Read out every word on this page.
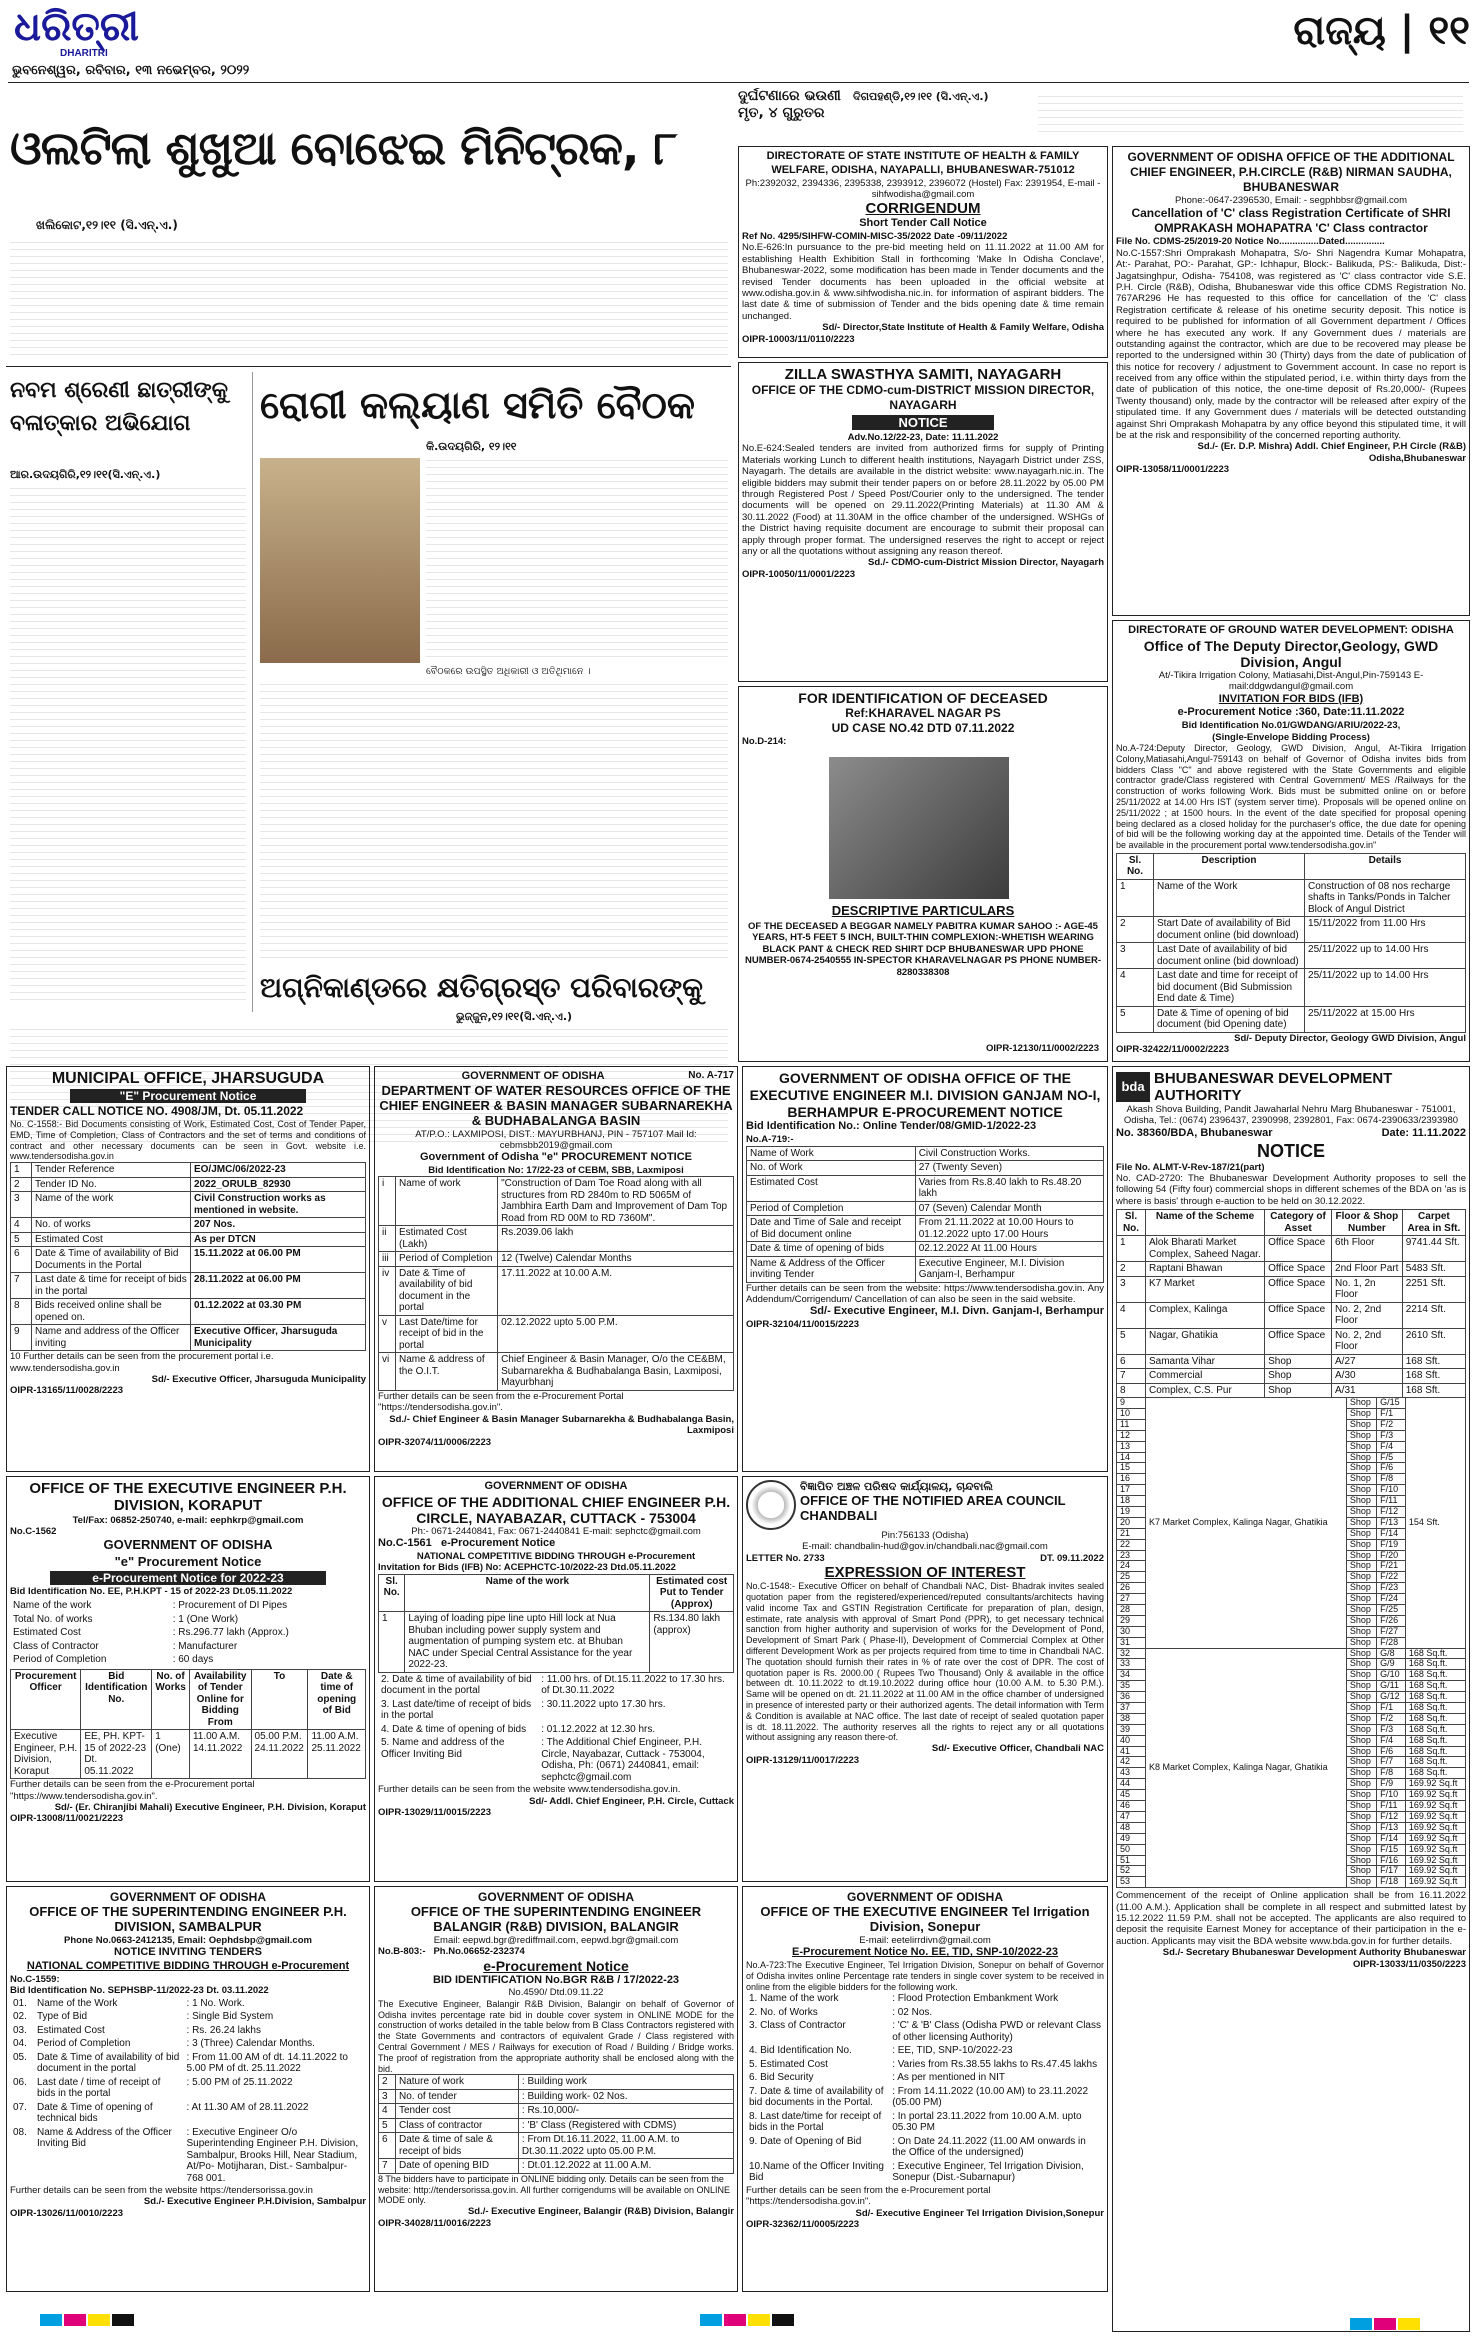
ଧରିତ୍ରୀ
DHARITRI
ଭୁବନେଶ୍ୱର, ରବିବାର, ୧୩ ନଭେମ୍ବର, ୨୦୨୨
ରାଜ୍ୟ | ୧୧
ଓଲଟିଲା ଶୁଖୁଆ ବୋଝେଇ ମିନିଟ୍ରକ, ୮
ଖଲିକୋଟ,୧୨।୧୧ (ସି.ଏନ୍.ଏ.)
ନବମ ଶ୍ରେଣୀ ଛାତ୍ରୀଙ୍କୁ ବଳାତ୍କାର ଅଭିଯୋଗ
ଆର.ଉଦୟଗିରି,୧୨।୧୧(ସି.ଏନ୍.ଏ.)
ରୋଗୀ କଲ୍ୟାଣ ସମିତି ବୈଠକ
କି.ଉଦୟଗିରି, ୧୨।୧୧
ବୈଠକରେ ଉପସ୍ଥିତ ଅଧିକାରୀ ଓ ଅତିଥିମାନେ ।
ଅଗ୍ନିକାଣ୍ଡରେ କ୍ଷତିଗ୍ରସ୍ତ ପରିବାରଙ୍କୁ
ଭୁଜ୍ଜୁନ,୧୨।୧୧(ସି.ଏନ୍.ଏ.)
ଦୁର୍ଘଟଣାରେ ଭଉଣୀ ମୃତ, ୪ ଗୁରୁତର
ଦିଗପହଣ୍ଡି,୧୨।୧୧ (ସି.ଏନ୍.ଏ.)
DIRECTORATE OF STATE INSTITUTE OF HEALTH & FAMILY WELFARE, ODISHA, NAYAPALLI, BHUBANESWAR-751012
Ph:2392032, 2394336, 2395338, 2393912, 2396072 (Hostel) Fax: 2391954, E-mail -sihfwodisha@gmail.com
CORRIGENDUM
Short Tender Call Notice
Ref No. 4295/SIHFW-COMIN-MISC-35/2022 Date -09/11/2022
No.E-626:In pursuance to the pre-bid meeting held on 11.11.2022 at 11.00 AM for establishing Health Exhibition Stall in forthcoming 'Make In Odisha Conclave', Bhubaneswar-2022, some modification has been made in Tender documents and the revised Tender documents has been uploaded in the official website at www.odisha.gov.in & www.sihfwodisha.nic.in. for information of aspirant bidders. The last date & time of submission of Tender and the bids opening date & time remain unchanged.
Sd/- Director,State Institute of Health & Family Welfare, Odisha
OIPR-10003/11/0110/2223
GOVERNMENT OF ODISHA OFFICE OF THE ADDITIONAL CHIEF ENGINEER, P.H.CIRCLE (R&B) NIRMAN SAUDHA, BHUBANESWAR
Phone:-0647-2396530, Email: - segphbbsr@gmail.com
Cancellation of 'C' class Registration Certificate of SHRI OMPRAKASH MOHAPATRA 'C' Class contractor
File No. CDMS-25/2019-20 Notice No...............Dated...............
No.C-1557:Shri Omprakash Mohapatra, S/o- Shri Nagendra Kumar Mohapatra, At:- Parahat, PO:- Parahat, GP:- Ichhapur, Block:- Balikuda, PS:- Balikuda, Dist:- Jagatsinghpur, Odisha- 754108, was registered as 'C' class contractor vide S.E. P.H. Circle (R&B), Odisha, Bhubaneswar vide this office CDMS Registration No. 767AR296 He has requested to this office for cancellation of the 'C' class Registration certificate & release of his onetime security deposit. This notice is required to be published for information of all Government department / Offices where he has executed any work. If any Government dues / materials are outstanding against the contractor, which are due to be recovered may please be reported to the undersigned within 30 (Thirty) days from the date of publication of this notice for recovery / adjustment to Government account. In case no report is received from any office within the stipulated period, i.e. within thirty days from the date of publication of this notice, the one-time deposit of Rs.20,000/- (Rupees Twenty thousand) only, made by the contractor will be released after expiry of the stipulated time. If any Government dues / materials will be detected outstanding against Shri Omprakash Mohapatra by any office beyond this stipulated time, it will be at the risk and responsibility of the concerned reporting authority.
Sd./- (Er. D.P. Mishra) Addl. Chief Engineer, P.H Circle (R&B) Odisha,Bhubaneswar
OIPR-13058/11/0001/2223
ZILLA SWASTHYA SAMITI, NAYAGARH
OFFICE OF THE CDMO-cum-DISTRICT MISSION DIRECTOR, NAYAGARH
NOTICE
Adv.No.12/22-23, Date: 11.11.2022
No.E-624:Sealed tenders are invited from authorized firms for supply of Printing Materials working Lunch to different health institutions, Nayagarh District under ZSS, Nayagarh. The details are available in the district website: www.nayagarh.nic.in. The eligible bidders may submit their tender papers on or before 28.11.2022 by 05.00 PM through Registered Post / Speed Post/Courier only to the undersigned. The tender documents will be opened on 29.11.2022(Printing Materials) at 11.30 AM & 30.11.2022 (Food) at 11.30AM in the office chamber of the undersigned. WSHGs of the District having requisite document are encourage to submit their proposal can apply through proper format. The undersigned reserves the right to accept or reject any or all the quotations without assigning any reason thereof.
Sd./- CDMO-cum-District Mission Director, Nayagarh
OIPR-10050/11/0001/2223
FOR IDENTIFICATION OF DECEASED
Ref:KHARAVEL NAGAR PS
UD CASE NO.42 DTD 07.11.2022
No.D-214:
DESCRIPTIVE PARTICULARS
OF THE DECEASED A BEGGAR NAMELY PABITRA KUMAR SAHOO :- AGE-45 YEARS, HT-5 FEET 5 INCH, BUILT-THIN COMPLEXION:-WHETISH WEARING BLACK PANT & CHECK RED SHIRT DCP BHUBANESWAR UPD PHONE NUMBER-0674-2540555 IN-SPECTOR KHARAVELNAGAR PS PHONE NUMBER-8280338308
OIPR-12130/11/0002/2223
DIRECTORATE OF GROUND WATER DEVELOPMENT: ODISHA
Office of The Deputy Director,Geology, GWD Division, Angul
At/-Tikira Irrigation Colony, Matiasahi,Dist-Angul,Pin-759143 E-mail:ddgwdangul@gmail.com
INVITATION FOR BIDS (IFB)
e-Procurement Notice :360, Date:11.11.2022
Bid Identification No.01/GWDANG/ARIU/2022-23,
(Single-Envelope Bidding Process)
No.A-724:Deputy Director, Geology, GWD Division, Angul, At-Tikira Irrigation Colony,Matiasahi,Angul-759143 on behalf of Governor of Odisha invites bids from bidders Class "C" and above registered with the State Governments and eligible contractor grade/Class registered with Central Government/ MES /Railways for the construction of works following Work. Bids must be submitted online on or before 25/11/2022 at 14.00 Hrs IST (system server time). Proposals will be opened online on 25/11/2022 ; at 1500 hours. In the event of the date specified for proposal opening being declared as a closed holiday for the purchaser's office, the due date for opening of bid will be the following working day at the appointed time. Details of the Tender will be available in the procurement portal www.tendersodisha.gov.in"
Sl. No.	Description	Details
1	Name of the Work	Construction of 08 nos recharge shafts in Tanks/Ponds in Talcher Block of Angul District
2	Start Date of availability of Bid document online (bid download)	15/11/2022 from 11.00 Hrs
3	Last Date of availability of bid document online (bid download)	25/11/2022 up to 14.00 Hrs
4	Last date and time for receipt of bid document (Bid Submission End date & Time)	25/11/2022 up to 14.00 Hrs
5	Date & Time of opening of bid document (bid Opening date)	25/11/2022 at 15.00 Hrs
Sd/- Deputy Director, Geology GWD Division, Angul
OIPR-32422/11/0002/2223
MUNICIPAL OFFICE, JHARSUGUDA
"E" Procurement Notice
TENDER CALL NOTICE NO. 4908/JM, Dt. 05.11.2022
No. C-1558:- Bid Documents consisting of Work, Estimated Cost, Cost of Tender Paper, EMD, Time of Completion, Class of Contractors and the set of terms and conditions of contract and other necessary documents can be seen in Govt. website i.e. www.tendersodisha.gov.in
1	Tender Reference	EO/JMC/06/2022-23
2	Tender ID No.	2022_ORULB_82930
3	Name of the work	Civil Construction works as mentioned in website.
4	No. of works	207 Nos.
5	Estimated Cost	As per DTCN
6	Date & Time of availability of Bid Documents in the Portal	15.11.2022 at 06.00 PM
7	Last date & time for receipt of bids in the portal	28.11.2022 at 06.00 PM
8	Bids received online shall be opened on.	01.12.2022 at 03.30 PM
9	Name and address of the Officer inviting	Executive Officer, Jharsuguda Municipality
10 Further details can be seen from the procurement portal i.e. www.tendersodisha.gov.in
Sd/- Executive Officer, Jharsuguda Municipality
OIPR-13165/11/0028/2223
GOVERNMENT OF ODISHA	No. A-717
DEPARTMENT OF WATER RESOURCES OFFICE OF THE CHIEF ENGINEER & BASIN MANAGER SUBARNAREKHA & BUDHABALANGA BASIN
AT/P.O.: LAXMIPOSI, DIST.: MAYURBHANJ, PIN - 757107 Mail Id: cebmsbb2019@gmail.com
Government of Odisha "e" PROCUREMENT NOTICE
Bid Identification No: 17/22-23 of CEBM, SBB, Laxmiposi
i	Name of work	"Construction of Dam Toe Road along with all structures from RD 2840m to RD 5065M of Jambhira Earth Dam and Improvement of Dam Top Road from RD 00M to RD 7360M".
ii	Estimated Cost (Lakh)	Rs.2039.06 lakh
iii	Period of Completion	12 (Twelve) Calendar Months
iv	Date & Time of availability of bid document in the portal	17.11.2022 at 10.00 A.M.
v	Last Date/time for receipt of bid in the portal	02.12.2022 upto 5.00 P.M.
vi	Name & address of the O.I.T.	Chief Engineer & Basin Manager, O/o the CE&BM, Subarnarekha & Budhabalanga Basin, Laxmiposi, Mayurbhanj
Further details can be seen from the e-Procurement Portal "https://tendersodisha.gov.in".
Sd./- Chief Engineer & Basin Manager Subarnarekha & Budhabalanga Basin, Laxmiposi
OIPR-32074/11/0006/2223
GOVERNMENT OF ODISHA OFFICE OF THE EXECUTIVE ENGINEER M.I. DIVISION GANJAM NO-I, BERHAMPUR E-PROCUREMENT NOTICE
Bid Identification No.: Online Tender/08/GMID-1/2022-23
No.A-719:-
Name of Work	Civil Construction Works.
No. of Work	27 (Twenty Seven)
Estimated Cost	Varies from Rs.8.40 lakh to Rs.48.20 lakh
Period of Completion	07 (Seven) Calendar Month
Date and Time of Sale and receipt of Bid document online	From 21.11.2022 at 10.00 Hours to 01.12.2022 upto 17.00 Hours
Date & time of opening of bids	02.12.2022 At 11.00 Hours
Name & Address of the Officer inviting Tender	Executive Engineer, M.I. Division Ganjam-I, Berhampur
Further details can be seen from the website: https://www.tendersodisha.gov.in. Any Addendum/Corrigendum/ Cancellation of can also be seen in the said website.
Sd/- Executive Engineer, M.I. Divn. Ganjam-I, Berhampur
OIPR-32104/11/0015/2223
bda BHUBANESWAR DEVELOPMENT AUTHORITY
Akash Shova Building, Pandit Jawaharlal Nehru Marg Bhubaneswar - 751001, Odisha, Tel.: (0674) 2396437, 2390998, 2392801, Fax: 0674-2390633/2393980
No. 38360/BDA, Bhubaneswar	Date: 11.11.2022
NOTICE
File No. ALMT-V-Rev-187/21(part)
No. CAD-2720: The Bhubaneswar Development Authority proposes to sell the following 54 (Fifty four) commercial shops in different schemes of the BDA on 'as is where is basis' through e-auction to be held on 30.12.2022.
Sl. No.	Name of the Scheme	Category of Asset	Floor & Shop Number	Carpet Area in Sft.
1	Alok Bharati Market Complex, Saheed Nagar.	Office Space	6th Floor	9741.44 Sft.
2	Raptani Bhawan	Office Space	2nd Floor Part	5483 Sft.
3	K7 Market	Office Space	No. 1, 2n Floor	2251 Sft.
4	Complex, Kalinga	Office Space	No. 2, 2nd Floor	2214 Sft.
5	Nagar, Ghatikia	Office Space	No. 2, 2nd Floor	2610 Sft.
6	Samanta Vihar	Shop	A/27	168 Sft.
7	Commercial	Shop	A/30	168 Sft.
8	Complex, C.S. Pur	Shop	A/31	168 Sft.
9	K7 Market Complex, Kalinga Nagar, Ghatikia	Shop	G/15	154 Sft.
10		Shop	F/1	
11		Shop	F/2	
12		Shop	F/3	
13		Shop	F/4	
14		Shop	F/5	
15		Shop	F/6	
16		Shop	F/8	
17		Shop	F/10	
18		Shop	F/11	
19		Shop	F/12	
20		Shop	F/13	
21		Shop	F/14	
22		Shop	F/19	
23		Shop	F/20	
24		Shop	F/21	
25		Shop	F/22	
26		Shop	F/23	
27		Shop	F/24	
28		Shop	F/25	
29		Shop	F/26	
30		Shop	F/27	
31		Shop	F/28	
32	K8 Market Complex, Kalinga Nagar, Ghatikia	Shop	G/8	168 Sq.ft.
33		Shop	G/9	168 Sq.ft.
34		Shop	G/10	168 Sq.ft.
35		Shop	G/11	168 Sq.ft.
36		Shop	G/12	168 Sq.ft.
37		Shop	F/1	168 Sq.ft.
38		Shop	F/2	168 Sq.ft.
39		Shop	F/3	168 Sq.ft.
40		Shop	F/4	168 Sq.ft.
41		Shop	F/6	168 Sq.ft.
42		Shop	F/7	168 Sq.ft.
43		Shop	F/8	168 Sq.ft.
44		Shop	F/9	169.92 Sq.ft
45		Shop	F/10	169.92 Sq.ft
46		Shop	F/11	169.92 Sq.ft
47		Shop	F/12	169.92 Sq.ft
48		Shop	F/13	169.92 Sq.ft
49		Shop	F/14	169.92 Sq.ft
50		Shop	F/15	169.92 Sq.ft
51		Shop	F/16	169.92 Sq.ft
52		Shop	F/17	169.92 Sq.ft
53		Shop	F/18	169.92 Sq.ft
Commencement of the receipt of Online application shall be from 16.11.2022 (11.00 A.M.). Application shall be complete in all respect and submitted latest by 15.12.2022 11.59 P.M. shall not be accepted. The applicants are also required to deposit the requisite Earnest Money for acceptance of their participation in the e-auction. Applicants may visit the BDA website www.bda.gov.in for further details.
Sd./- Secretary Bhubaneswar Development Authority Bhubaneswar
OIPR-13033/11/0350/2223
OFFICE OF THE EXECUTIVE ENGINEER P.H. DIVISION, KORAPUT
Tel/Fax: 06852-250740, e-mail: eephkrp@gmail.com
No.C-1562
GOVERNMENT OF ODISHA
"e" Procurement Notice
e-Procurement Notice for 2022-23
Bid Identification No. EE, P.H.KPT - 15 of 2022-23 Dt.05.11.2022
Name of the work	: Procurement of DI Pipes
Total No. of works	: 1 (One Work)
Estimated Cost	: Rs.296.77 lakh (Approx.)
Class of Contractor	: Manufacturer
Period of Completion	: 60 days
Procurement Officer	Bid Identification No.	No. of Works	Availability of Tender Online for Bidding From	To	Date & time of opening of Bid
Executive Engineer, P.H. Division, Koraput	EE, PH. KPT-15 of 2022-23 Dt. 05.11.2022	1 (One)	11.00 A.M. 14.11.2022	05.00 P.M. 24.11.2022	11.00 A.M. 25.11.2022
Further details can be seen from the e-Procurement portal "https://www.tendersodisha.gov.in".
Sd/- (Er. Chiranjibi Mahali) Executive Engineer, P.H. Division, Koraput
OIPR-13008/11/0021/2223
GOVERNMENT OF ODISHA
OFFICE OF THE ADDITIONAL CHIEF ENGINEER P.H. CIRCLE, NAYABAZAR, CUTTACK - 753004
Ph:- 0671-2440841, Fax: 0671-2440841 E-mail: sephctc@gmail.com
No.C-1561 e-Procurement Notice
NATIONAL COMPETITIVE BIDDING THROUGH e-Procurement
Invitation for Bids (IFB) No: ACEPHCTC-10/2022-23 Dtd.05.11.2022
Sl. No.	Name of the work	Estimated cost Put to Tender (Approx)
1	Laying of loading pipe line upto Hill lock at Nua Bhuban including power supply system and augmentation of pumping system etc. at Bhuban NAC under Special Central Assistance for the year 2022-23.	Rs.134.80 lakh (approx)
2. Date & time of availability of bid document in the portal	: 11.00 hrs. of Dt.15.11.2022 to 17.30 hrs. of Dt.30.11.2022
3. Last date/time of receipt of bids in the portal	: 30.11.2022 upto 17.30 hrs.
4. Date & time of opening of bids	: 01.12.2022 at 12.30 hrs.
5. Name and address of the Officer Inviting Bid	: The Additional Chief Engineer, P.H. Circle, Nayabazar, Cuttack - 753004, Odisha, Ph: (0671) 2440841, email: sephctc@gmail.com
Further details can be seen from the website www.tendersodisha.gov.in.
Sd/- Addl. Chief Engineer, P.H. Circle, Cuttack
OIPR-13029/11/0015/2223
ବିଜ୍ଞାପିତ ଅଞ୍ଚଳ ପରିଷଦ କାର୍ଯ୍ୟାଳୟ, ଚାନ୍ଦବାଲି
OFFICE OF THE NOTIFIED AREA COUNCIL CHANDBALI
Pin:756133 (Odisha)
E-mail: chandbalin-hud@gov.in/chandbali.nac@gmail.com
LETTER No. 2733	DT. 09.11.2022
EXPRESSION OF INTEREST
No.C-1548:- Executive Officer on behalf of Chandbali NAC, Dist- Bhadrak invites sealed quotation paper from the registered/experienced/reputed consultants/architects having valid income Tax and GSTIN Registration Certificate for preparation of plan, design, estimate, rate analysis with approval of Smart Pond (PPR), to get necessary technical sanction from higher authority and supervision of works for the Development of Pond, Development of Smart Park ( Phase-II), Development of Commercial Complex at Other different Development Work as per projects required from time to time in Chandbali NAC. The quotation should furnish their rates in % of rate over the cost of DPR. The cost of quotation paper is Rs. 2000.00 ( Rupees Two Thousand) Only & available in the office between dt. 10.11.2022 to dt.19.10.2022 during office hour (10.00 A.M. to 5.30 P.M.). Same will be opened on dt. 21.11.2022 at 11.00 AM in the office chamber of undersigned in presence of interested party or their authorized agents. The detail information with Term & Condition is available at NAC office. The last date of receipt of sealed quotation paper is dt. 18.11.2022. The authority reserves all the rights to reject any or all quotations without assigning any reason there-of.
Sd/- Executive Officer, Chandbali NAC
OIPR-13129/11/0017/2223
GOVERNMENT OF ODISHA
OFFICE OF THE SUPERINTENDING ENGINEER P.H. DIVISION, SAMBALPUR
Phone No.0663-2412135, Email: Oephdsbp@gmail.com
NOTICE INVITING TENDERS
NATIONAL COMPETITIVE BIDDING THROUGH e-Procurement
No.C-1559:
Bid Identification No. SEPHSBP-11/2022-23 Dt. 03.11.2022
01.	Name of the Work	: 1 No. Work.
02.	Type of Bid	: Single Bid System
03.	Estimated Cost	: Rs. 26.24 lakhs
04.	Period of Completion	: 3 (Three) Calendar Months.
05.	Date & Time of availability of bid document in the portal	: From 11.00 AM of dt. 14.11.2022 to 5.00 PM of dt. 25.11.2022
06.	Last date / time of receipt of bids in the portal	: 5.00 PM of 25.11.2022
07.	Date & Time of opening of technical bids	: At 11.30 AM of 28.11.2022
08.	Name & Address of the Officer Inviting Bid	: Executive Engineer O/o Superintending Engineer P.H. Division, Sambalpur, Brooks Hill, Near Stadium, At/Po- Motijharan, Dist.- Sambalpur-768 001.
Further details can be seen from the website https://tendersorissa.gov.in
Sd./- Executive Engineer P.H.Division, Sambalpur
OIPR-13026/11/0010/2223
GOVERNMENT OF ODISHA
OFFICE OF THE SUPERINTENDING ENGINEER BALANGIR (R&B) DIVISION, BALANGIR
Email: eepwd.bgr@rediffmail.com, eepwd.bgr@gmail.com
No.B-803:- Ph.No.06652-232374
e-Procurement Notice
BID IDENTIFICATION No.BGR R&B / 17/2022-23
No.4590/ Dtd.09.11.22
The Executive Engineer, Balangir R&B Division, Balangir on behalf of Governor of Odisha invites percentage rate bid in double cover system in ONLINE MODE for the construction of works detailed in the table below from B Class Contractors registered with the State Governments and contractors of equivalent Grade / Class registered with Central Government / MES / Railways for execution of Road / Building / Bridge works. The proof of registration from the appropriate authority shall be enclosed along with the bid.
2	Nature of work	: Building work
3	No. of tender	: Building work- 02 Nos.
4	Tender cost	: Rs.10,000/-
5	Class of contractor	: 'B' Class (Registered with CDMS)
6	Date & time of sale & receipt of bids	: From Dt.16.11.2022, 11.00 A.M. to Dt.30.11.2022 upto 05.00 P.M.
7	Date of opening BID	: Dt.01.12.2022 at 11.00 A.M.
8 The bidders have to participate in ONLINE bidding only. Details can be seen from the website: http://tendersorissa.gov.in. All further corrigendums will be available on ONLINE MODE only.
Sd./- Executive Engineer, Balangir (R&B) Division, Balangir
OIPR-34028/11/0016/2223
GOVERNMENT OF ODISHA
OFFICE OF THE EXECUTIVE ENGINEER Tel Irrigation Division, Sonepur
E-mail: eetelirrdivn@gmail.com
E-Procurement Notice No. EE, TID, SNP-10/2022-23
No.A-723:The Executive Engineer, Tel Irrigation Division, Sonepur on behalf of Governor of Odisha invites online Percentage rate tenders in single cover system to be received in online from the eligible bidders for the following work.
1. Name of the work	: Flood Protection Embankment Work
2. No. of Works	: 02 Nos.
3. Class of Contractor	: 'C' & 'B' Class (Odisha PWD or relevant Class of other licensing Authority)
4. Bid Identification No.	: EE, TID, SNP-10/2022-23
5. Estimated Cost	: Varies from Rs.38.55 lakhs to Rs.47.45 lakhs
6. Bid Security	: As per mentioned in NIT
7. Date & time of availability of bid documents in the Portal.	: From 14.11.2022 (10.00 AM) to 23.11.2022 (05.00 PM)
8. Last date/time for receipt of bids in the Portal	: In portal 23.11.2022 from 10.00 A.M. upto 05.30 PM
9. Date of Opening of Bid	: On Date 24.11.2022 (11.00 AM onwards in the Office of the undersigned)
10.Name of the Officer Inviting Bid	: Executive Engineer, Tel Irrigation Division, Sonepur (Dist.-Subarnapur)
Further details can be seen from the e-Procurement portal "https://tendersodisha.gov.in".
Sd/- Executive Engineer Tel Irrigation Division,Sonepur
OIPR-32362/11/0005/2223
